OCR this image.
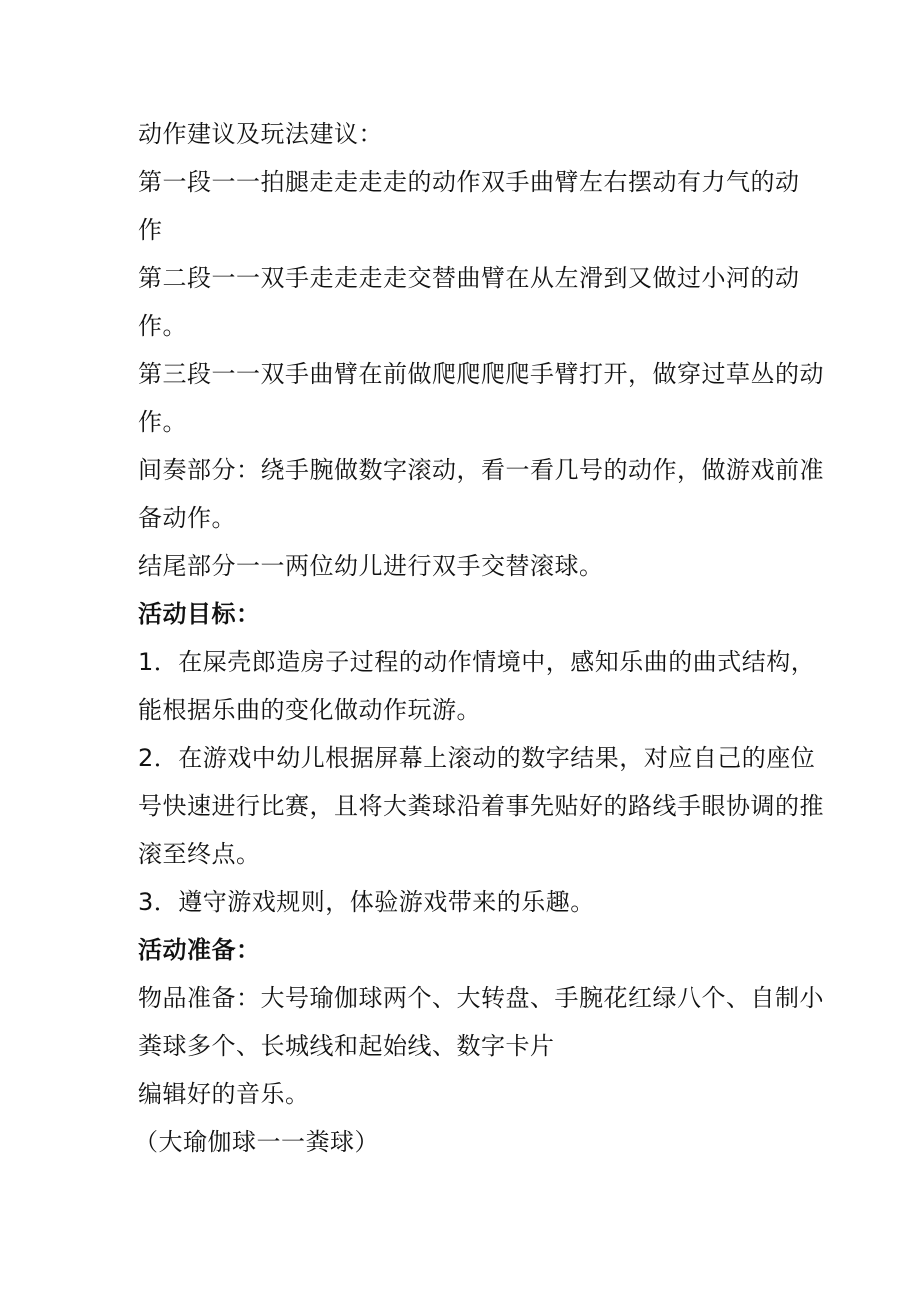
动作建议及玩法建议：
第一段一一拍腿走走走走的动作双手曲臂左右摆动有力气的动
作
第二段一一双手走走走走交替曲臂在从左滑到又做过小河的动
作。
第三段一一双手曲臂在前做爬爬爬爬手臂打开，做穿过草丛的动
作。
间奏部分：绕手腕做数字滚动，看一看几号的动作，做游戏前准
备动作。
结尾部分一一两位幼儿进行双手交替滚球。
活动目标：
1．在屎壳郎造房子过程的动作情境中，感知乐曲的曲式结构，
能根据乐曲的变化做动作玩游。
2．在游戏中幼儿根据屏幕上滚动的数字结果，对应自己的座位
号快速进行比赛，且将大粪球沿着事先贴好的路线手眼协调的推
滚至终点。
3．遵守游戏规则，体验游戏带来的乐趣。
活动准备：
物品准备：大号瑜伽球两个、大转盘、手腕花红绿八个、自制小
粪球多个、长城线和起始线、数字卡片
编辑好的音乐。
（大瑜伽球一一粪球）
